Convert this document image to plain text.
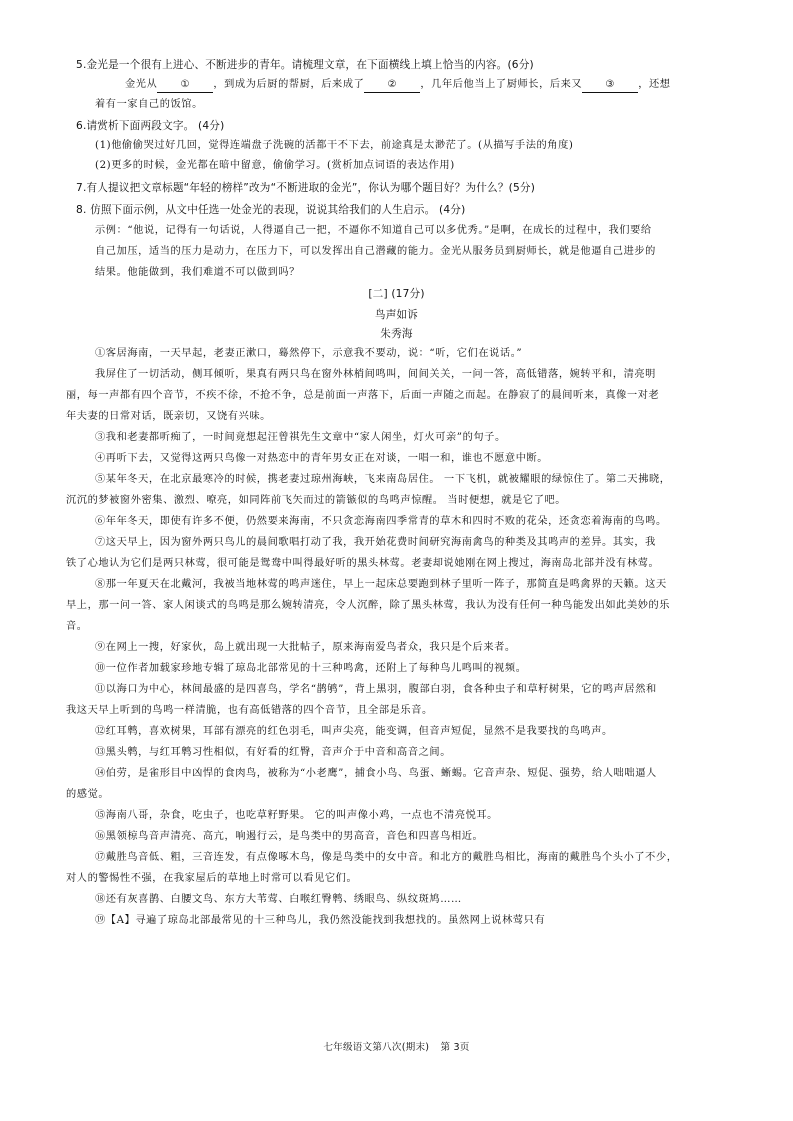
5.金光是一个很有上进心、不断进步的青年。请梳理文章，在下面横线上填上恰当的内容。(6分)
金光从 ① ，到成为后厨的帮厨，后来成了 ② ，几年后他当上了厨师长，后来又 ③ ，还想
着有一家自己的饭馆。
6.请赏析下面两段文字。 (4分)
(1)他偷偷哭过好几回，觉得连端盘子洗碗的活都干不下去，前途真是太渺茫了。(从描写手法的角度)
(2)更多的时候，金光都在暗中留意，偷偷学习。(赏析加点词语的表达作用)
7.有人提议把文章标题“年轻的榜样”改为“不断进取的金光”，你认为哪个题目好？为什么？(5分)
8. 仿照下面示例，从文中任选一处金光的表现，说说其给我们的人生启示。 (4分)
示例：“他说，记得有一句话说，人得逼自己一把，不逼你不知道自己可以多优秀。”是啊，在成长的过程中，我们要给
自己加压，适当的压力是动力，在压力下，可以发挥出自己潜藏的能力。金光从服务员到厨师长，就是他逼自己进步的
结果。他能做到，我们难道不可以做到吗？
[二] (17分)
鸟声如诉
朱秀海
①客居海南，一天早起，老妻正漱口，蓦然停下，示意我不要动，说：“听，它们在说话。”
我屏住了一切活动，侧耳倾听，果真有两只鸟在窗外林梢间鸣叫，间间关关，一问一答，高低错落，婉转平和，清亮明
丽，每一声都有四个音节，不疾不徐，不抢不争，总是前面一声落下，后面一声随之而起。在静寂了的晨间听来，真像一对老
年夫妻的日常对话，既亲切，又饶有兴味。
③我和老妻都听痴了，一时间竟想起汪曾祺先生文章中“家人闲坐，灯火可亲”的句子。
④再听下去，又觉得这两只鸟像一对热恋中的青年男女正在对谈，一唱一和，谁也不愿意中断。
⑤某年冬天，在北京最寒冷的时候，携老妻过琼州海峡，飞来南岛居住。 一下飞机，就被耀眼的绿惊住了。第二天拂晓，
沉沉的梦被窗外密集、激烈、嘹亮，如同阵前飞矢而过的箭镞似的鸟鸣声惊醒。 当时便想，就是它了吧。
⑥年年冬天，即使有许多不便，仍然要来海南，不只贪恋海南四季常青的草木和四时不败的花朵，还贪恋着海南的鸟鸣。
⑦这天早上，因为窗外两只鸟儿的晨间歌唱打动了我，我开始花费时间研究海南禽鸟的种类及其鸣声的差异。其实，我
铁了心地认为它们是两只林莺，很可能是鸳鸯中叫得最好听的黑头林莺。老妻却说她刚在网上搜过，海南岛北部并没有林莺。
⑧那一年夏天在北戴河，我被当地林莺的鸣声迷住，早上一起床总要跑到林子里听一阵子，那简直是鸣禽界的天籁。这天
早上，那一问一答、家人闲谈式的鸟鸣是那么婉转清亮，令人沉醉，除了黑头林莺，我认为没有任何一种鸟能发出如此美妙的乐
音。
⑨在网上一搜，好家伙，岛上就出现一大批帖子，原来海南爱鸟者众，我只是个后来者。
⑩一位作者加载家珍地专辑了琼岛北部常见的十三种鸣禽，还附上了每种鸟儿鸣叫的视频。
⑪以海口为中心，林间最盛的是四喜鸟，学名“鹊鸲”，背上黑羽，腹部白羽，食各种虫子和草籽树果，它的鸣声居然和
我这天早上听到的鸟鸣一样清脆，也有高低错落的四个音节，且全部是乐音。
⑫红耳鹎，喜欢树果，耳部有漂亮的红色羽毛，叫声尖亮，能变调，但音声短促，显然不是我要找的鸟鸣声。
⑬黑头鹎，与红耳鹎习性相似，有好看的红臀，音声介于中音和高音之间。
⑭伯劳，是雀形目中凶悍的食肉鸟，被称为“小老鹰”，捕食小鸟、鸟蛋、蜥蜴。它音声杂、短促、强势，给人咄咄逼人
的感觉。
⑮海南八哥，杂食，吃虫子，也吃草籽野果。 它的叫声像小鸡，一点也不清亮悦耳。
⑯黑领椋鸟音声清亮、高亢，响遏行云，是鸟类中的男高音，音色和四喜鸟相近。
⑰戴胜鸟音低、粗，三音连发，有点像啄木鸟，像是鸟类中的女中音。和北方的戴胜鸟相比，海南的戴胜鸟个头小了不少，
对人的警惕性不强，在我家屋后的草地上时常可以看见它们。
⑱还有灰喜鹊、白腰文鸟、东方大苇莺、白喉红臀鹎、绣眼鸟、纵纹斑鸠……
⑲【A】寻遍了琼岛北部最常见的十三种鸟儿，我仍然没能找到我想找的。虽然网上说林莺只有
七年级语文第八次(期末) 第 3页
